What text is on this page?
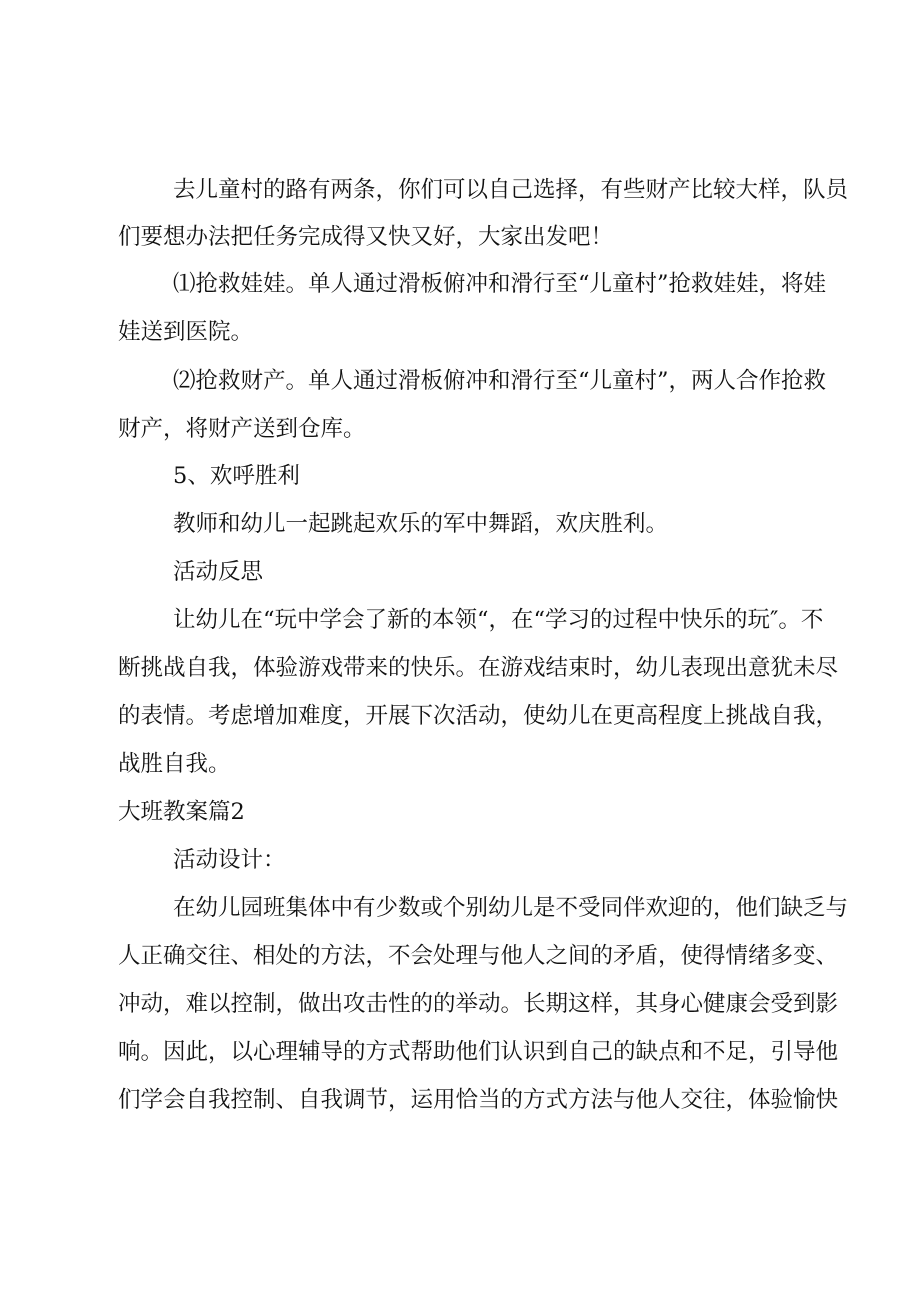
去儿童村的路有两条，你们可以自己选择，有些财产比较大样，队员
们要想办法把任务完成得又快又好，大家出发吧！
⑴抢救娃娃。单人通过滑板俯冲和滑行至“儿童村”抢救娃娃，将娃
娃送到医院。
⑵抢救财产。单人通过滑板俯冲和滑行至“儿童村”，两人合作抢救
财产，将财产送到仓库。
5、欢呼胜利
教师和幼儿一起跳起欢乐的军中舞蹈，欢庆胜利。
活动反思
让幼儿在“玩中学会了新的本领“，在“学习的过程中快乐的玩″。不
断挑战自我，体验游戏带来的快乐。在游戏结束时，幼儿表现出意犹未尽
的表情。考虑增加难度，开展下次活动，使幼儿在更高程度上挑战自我，
战胜自我。
大班教案篇2
活动设计：
在幼儿园班集体中有少数或个别幼儿是不受同伴欢迎的，他们缺乏与
人正确交往、相处的方法，不会处理与他人之间的矛盾，使得情绪多变、
冲动，难以控制，做出攻击性的的举动。长期这样，其身心健康会受到影
响。因此，以心理辅导的方式帮助他们认识到自己的缺点和不足，引导他
们学会自我控制、自我调节，运用恰当的方式方法与他人交往，体验愉快
